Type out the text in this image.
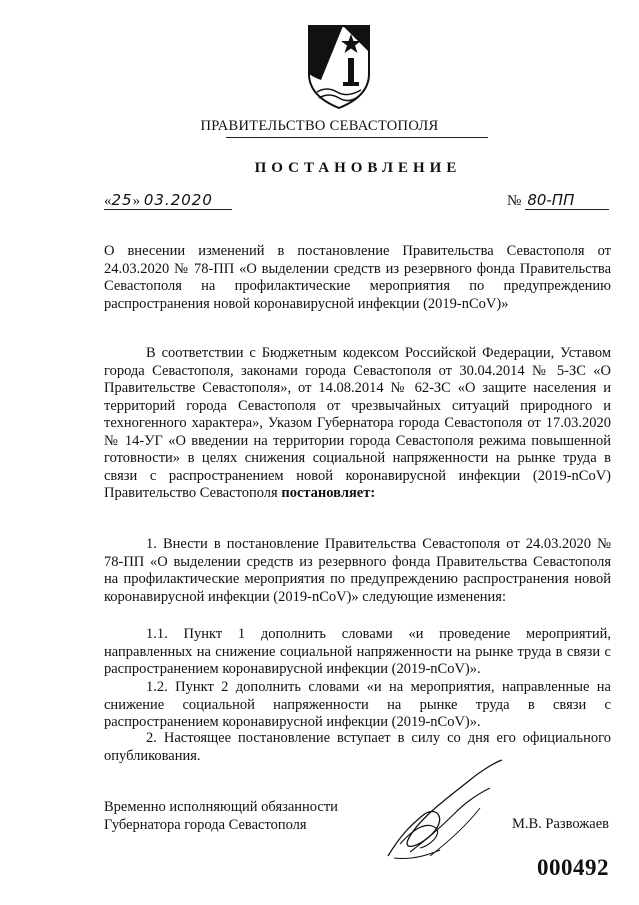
ПРАВИТЕЛЬСТВО СЕВАСТОПОЛЯ
ПОСТАНОВЛЕНИЕ
«25» 03.2020	№ 80-ПП
О внесении изменений в постановление Правительства Севастополя от 24.03.2020 № 78-ПП «О выделении средств из резервного фонда Правительства Севастополя на профилактические мероприятия по предупреждению распространения новой коронавирусной инфекции (2019-nCoV)»
В соответствии с Бюджетным кодексом Российской Федерации, Уставом города Севастополя, законами города Севастополя от 30.04.2014 № 5-ЗС «О Правительстве Севастополя», от 14.08.2014 № 62-ЗС «О защите населения и территорий города Севастополя от чрезвычайных ситуаций природного и техногенного характера», Указом Губернатора города Севастополя от 17.03.2020 № 14-УГ «О введении на территории города Севастополя режима повышенной готовности» в целях снижения социальной напряженности на рынке труда в связи с распространением новой коронавирусной инфекции (2019-nCoV) Правительство Севастополя постановляет:
1. Внести в постановление Правительства Севастополя от 24.03.2020 № 78-ПП «О выделении средств из резервного фонда Правительства Севастополя на профилактические мероприятия по предупреждению распространения новой коронавирусной инфекции (2019-nCoV)» следующие изменения:
1.1. Пункт 1 дополнить словами «и проведение мероприятий, направленных на снижение социальной напряженности на рынке труда в связи с распространением коронавирусной инфекции (2019-nCoV)».
1.2. Пункт 2 дополнить словами «и на мероприятия, направленные на снижение социальной напряженности на рынке труда в связи с распространением коронавирусной инфекции (2019-nCoV)».
2. Настоящее постановление вступает в силу со дня его официального опубликования.
Временно исполняющий обязанности
Губернатора города Севастополя	М.В. Развожаев
000492
